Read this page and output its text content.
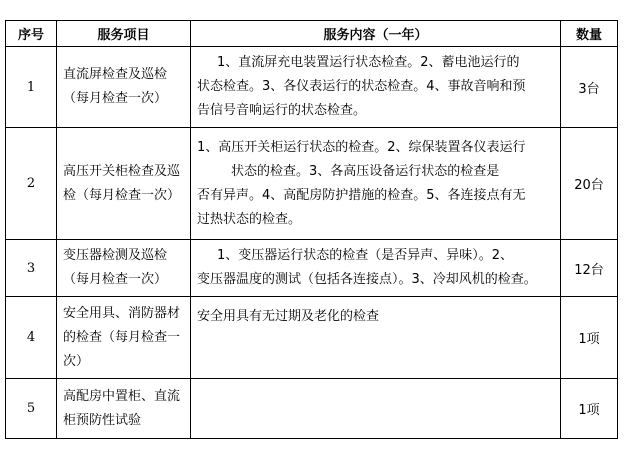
序号	服务项目	服务内容（一年）	数量
1	直流屏检查及巡检（每月检查一次）	1、直流屏充电装置运行状态检查。2、蓄电池运行的
状态检查。3、各仪表运行的状态检查。4、事故音响和预
告信号音响运行的状态检查。	3台
2	高压开关柜检查及巡检（每月检查一次）	1、高压开关柜运行状态的检查。2、综保装置各仪表运行
状态的检查。3、各高压设备运行状态的检查是
否有异声。4、高配房防护措施的检查。5、各连接点有无
过热状态的检查。	20台
3	变压器检测及巡检（每月检查一次）	1、变压器运行状态的检查（是否异声、异味）。2、
变压器温度的测试（包括各连接点）。3、冷却风机的检查。	12台
4	安全用具、消防器材的检查（每月检查一次）	安全用具有无过期及老化的检查	1项
5	高配房中置柜、直流柜预防性试验		1项
